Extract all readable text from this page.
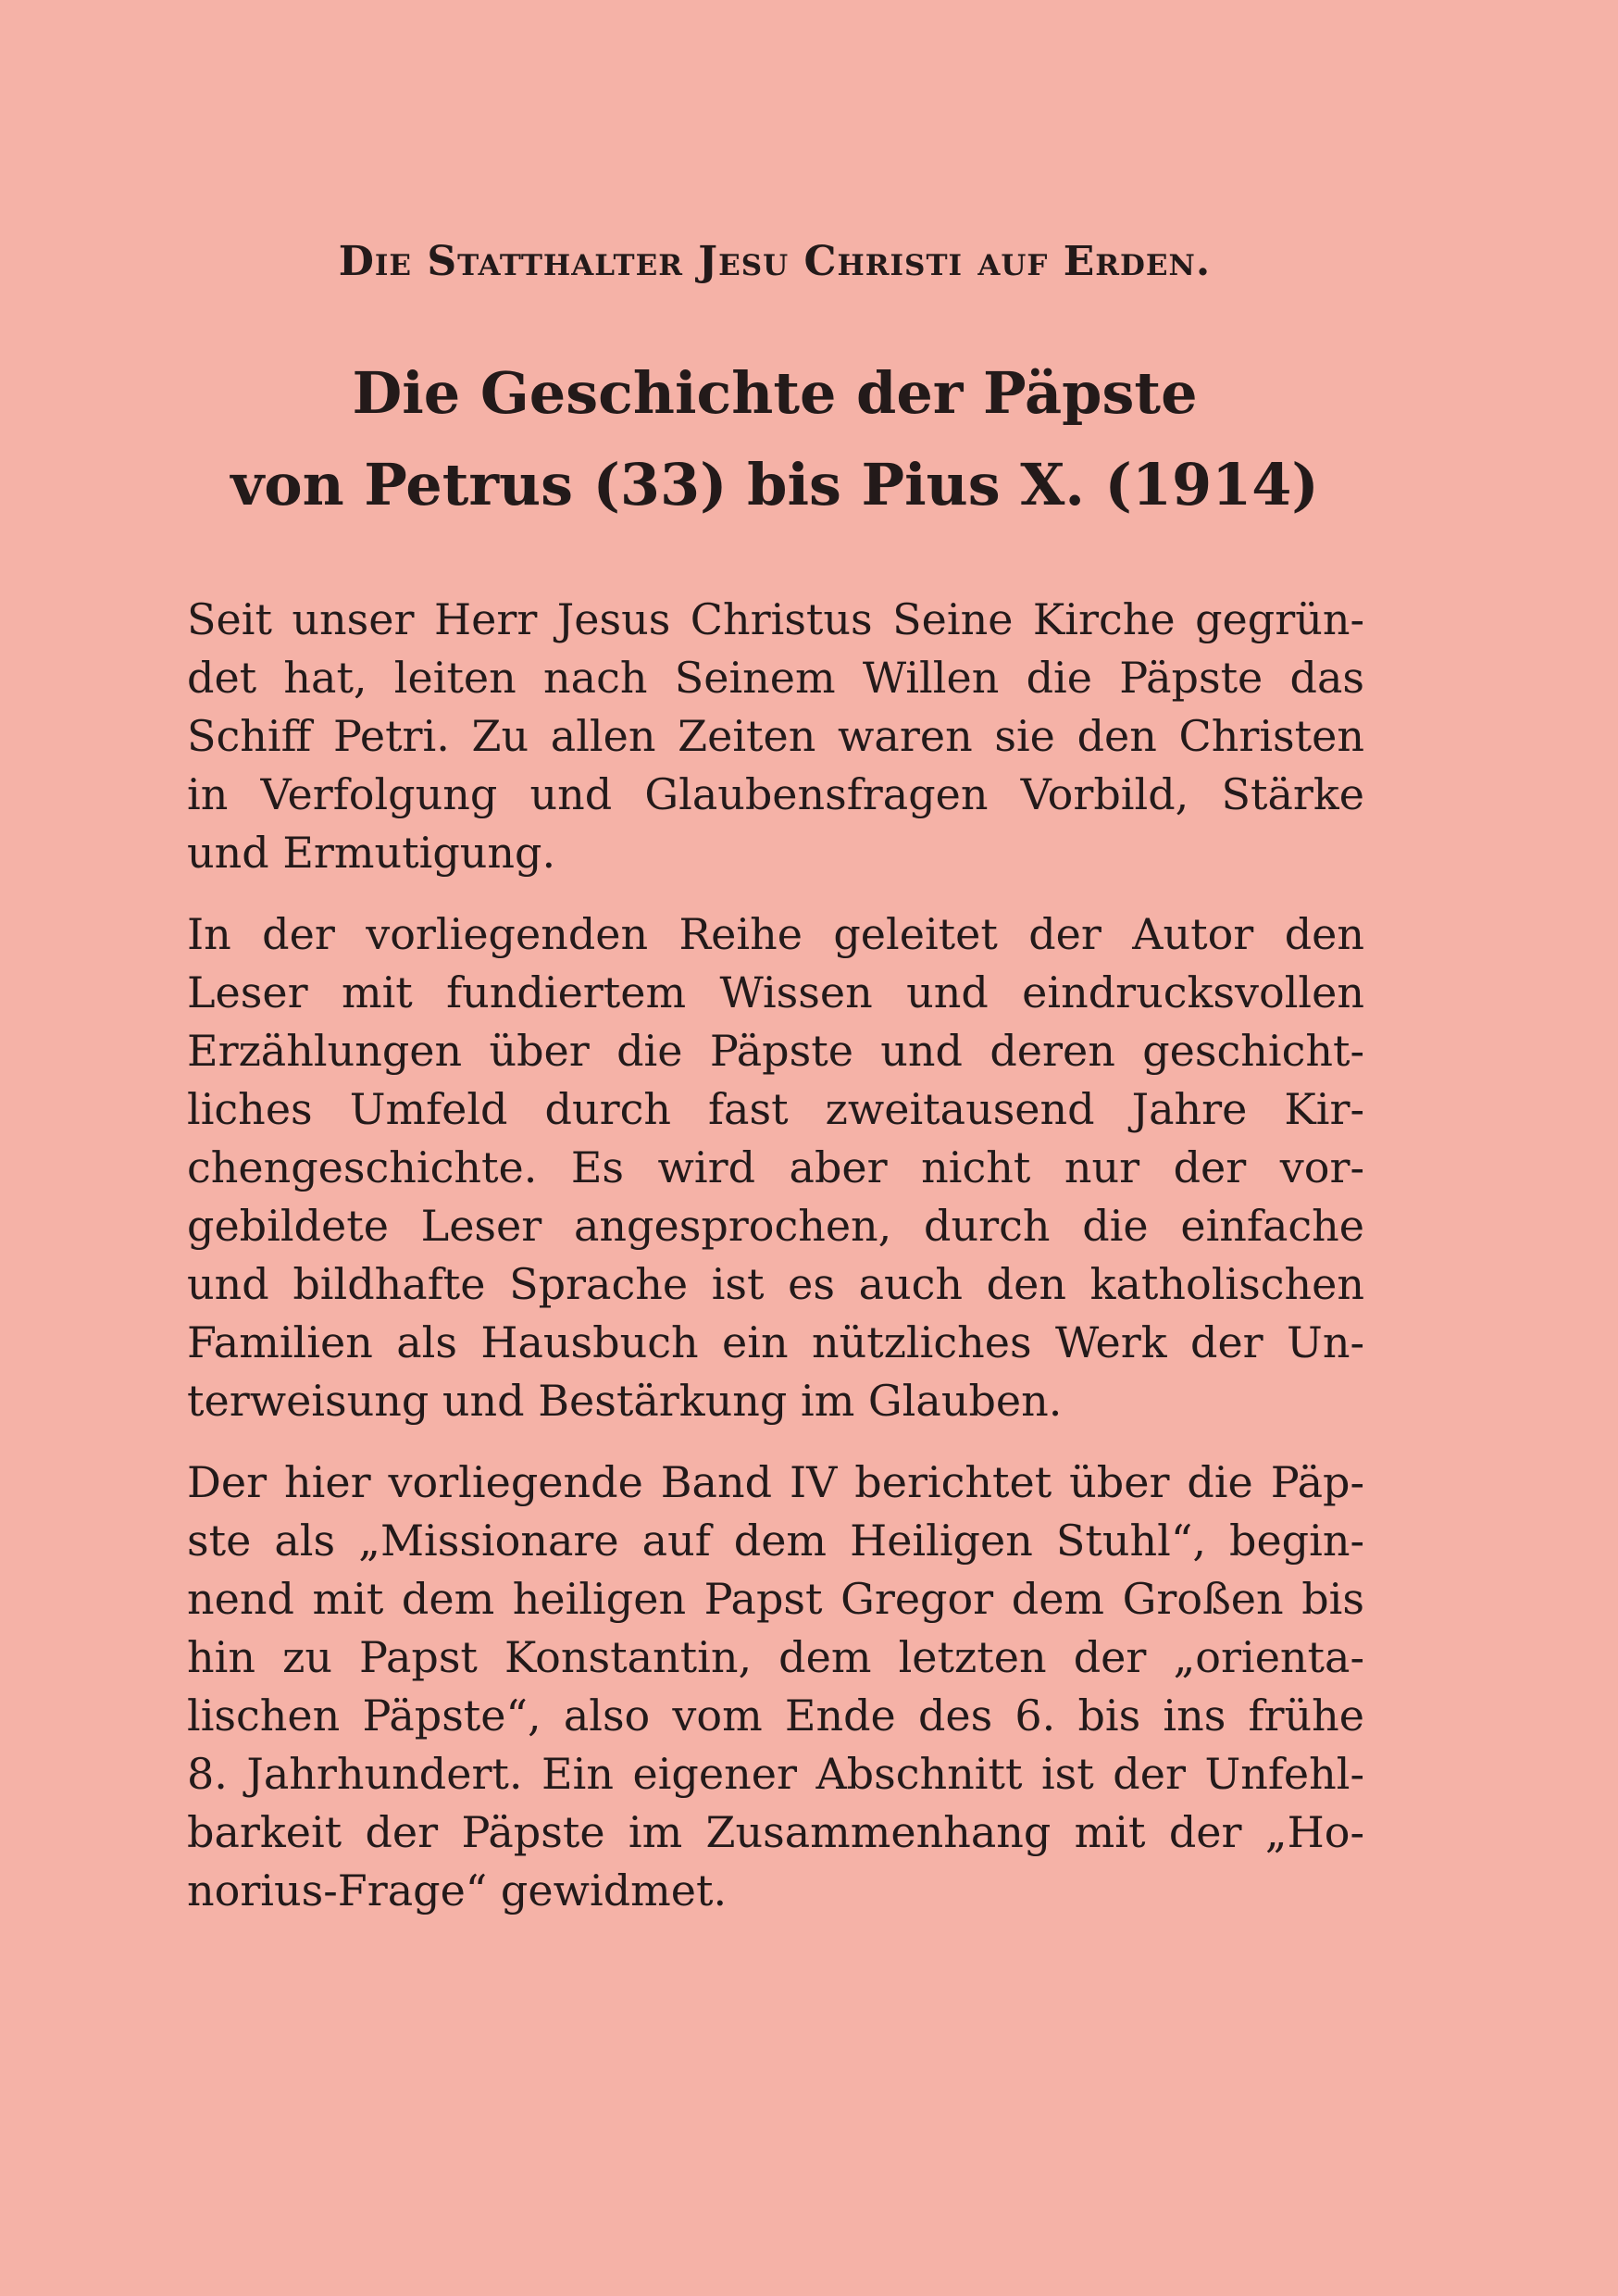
Die Statthalter Jesu Christi auf Erden.
Die Geschichte der Päpste
von Petrus (33) bis Pius X. (1914)

Seit unser Herr Jesus Christus Seine Kirche gegrün-
det hat, leiten nach Seinem Willen die Päpste das
Schiff Petri. Zu allen Zeiten waren sie den Christen
in Verfolgung und Glaubensfragen Vorbild, Stärke
und Ermutigung.

In der vorliegenden Reihe geleitet der Autor den
Leser mit fundiertem Wissen und eindrucksvollen
Erzählungen über die Päpste und deren geschicht-
liches Umfeld durch fast zweitausend Jahre Kir-
chengeschichte. Es wird aber nicht nur der vor-
gebildete Leser angesprochen, durch die einfache
und bildhafte Sprache ist es auch den katholischen
Familien als Hausbuch ein nützliches Werk der Un-
terweisung und Bestärkung im Glauben.

Der hier vorliegende Band IV berichtet über die Päp-
ste als „Missionare auf dem Heiligen Stuhl“, begin-
nend mit dem heiligen Papst Gregor dem Großen bis
hin zu Papst Konstantin, dem letzten der „orienta-
lischen Päpste“, also vom Ende des 6. bis ins frühe
8. Jahrhundert. Ein eigener Abschnitt ist der Unfehl-
barkeit der Päpste im Zusammenhang mit der „Ho-
norius-Frage“ gewidmet.
